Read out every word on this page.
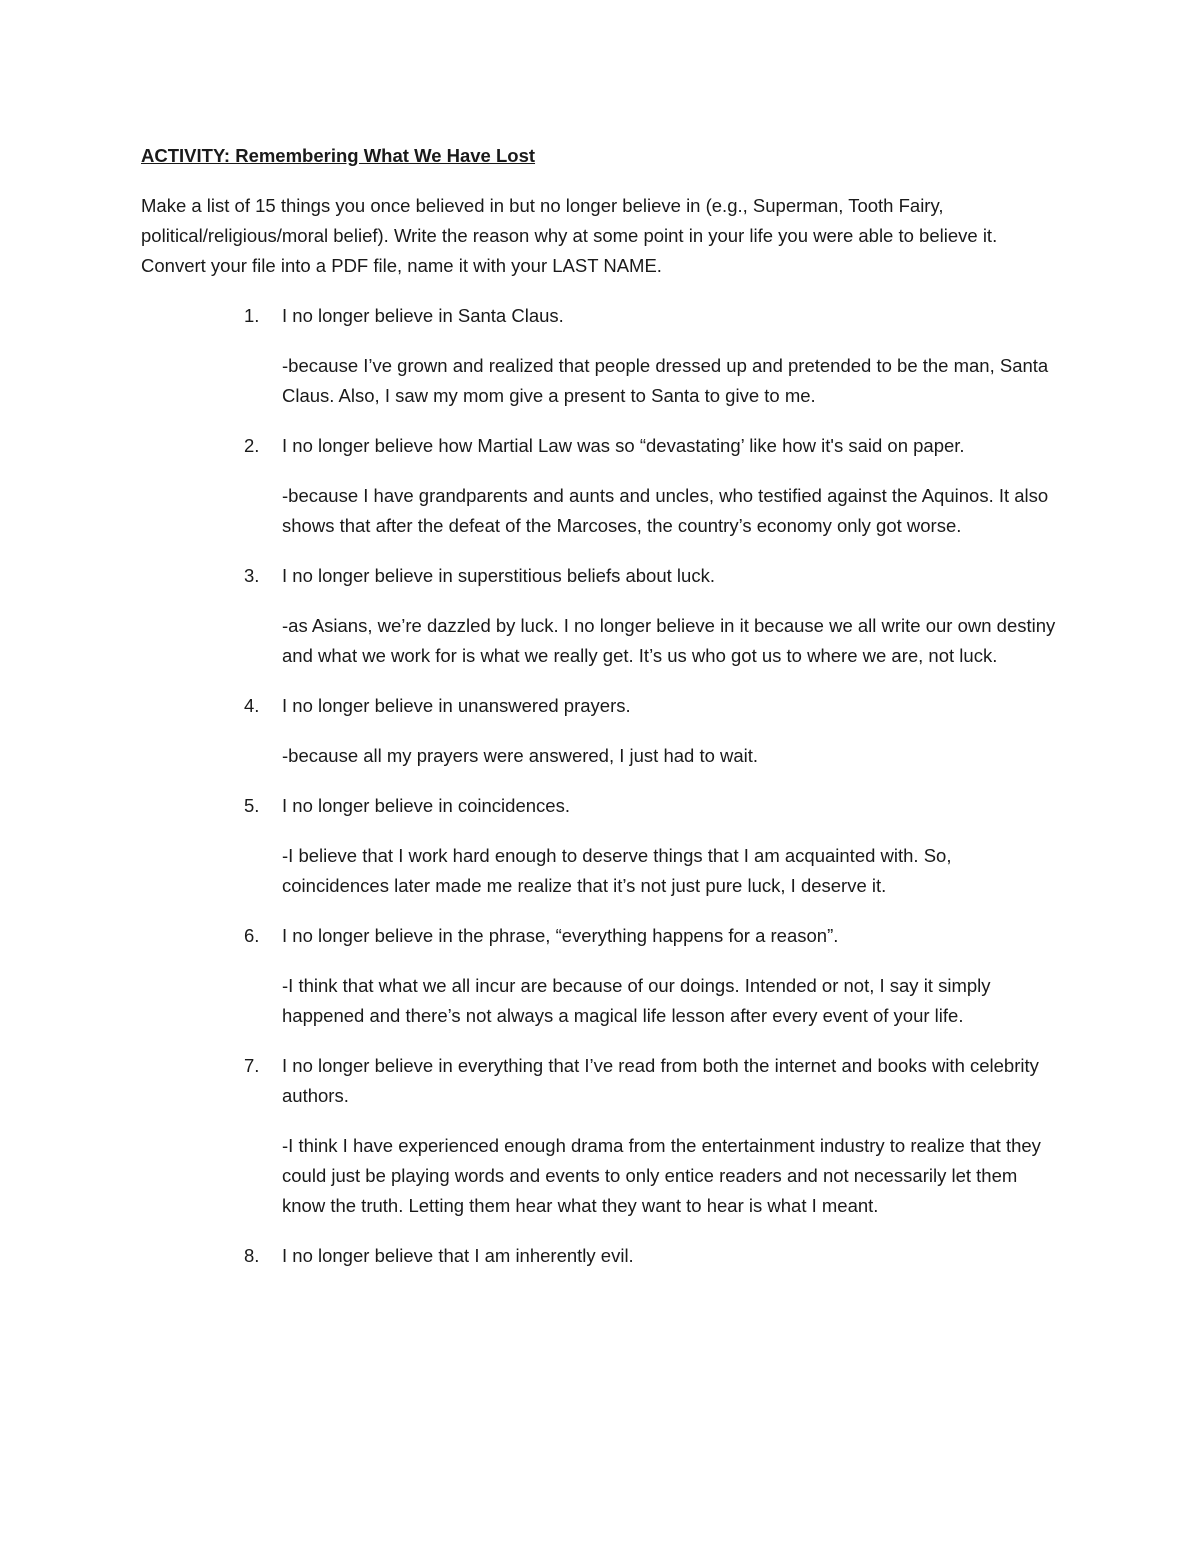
ACTIVITY: Remembering What We Have Lost

Make a list of 15 things you once believed in but no longer believe in (e.g., Superman, Tooth Fairy, political/religious/moral belief). Write the reason why at some point in your life you were able to believe it. Convert your file into a PDF file, name it with your LAST NAME.

1.	I no longer believe in Santa Claus.

-because I’ve grown and realized that people dressed up and pretended to be the man, Santa Claus. Also, I saw my mom give a present to Santa to give to me.

2.	I no longer believe how Martial Law was so “devastating’ like how it's said on paper.

-because I have grandparents and aunts and uncles, who testified against the Aquinos. It also shows that after the defeat of the Marcoses, the country’s economy only got worse.

3.	I no longer believe in superstitious beliefs about luck.

-as Asians, we’re dazzled by luck. I no longer believe in it because we all write our own destiny and what we work for is what we really get. It’s us who got us to where we are, not luck.

4.	I no longer believe in unanswered prayers.

-because all my prayers were answered, I just had to wait.

5.	I no longer believe in coincidences.

-I believe that I work hard enough to deserve things that I am acquainted with. So, coincidences later made me realize that it’s not just pure luck, I deserve it.

6.	I no longer believe in the phrase, “everything happens for a reason”.

-I think that what we all incur are because of our doings. Intended or not, I say it simply happened and there’s not always a magical life lesson after every event of your life.

7.	I no longer believe in everything that I’ve read from both the internet and books with celebrity authors.

-I think I have experienced enough drama from the entertainment industry to realize that they could just be playing words and events to only entice readers and not necessarily let them know the truth. Letting them hear what they want to hear is what I meant.

8.	I no longer believe that I am inherently evil.
